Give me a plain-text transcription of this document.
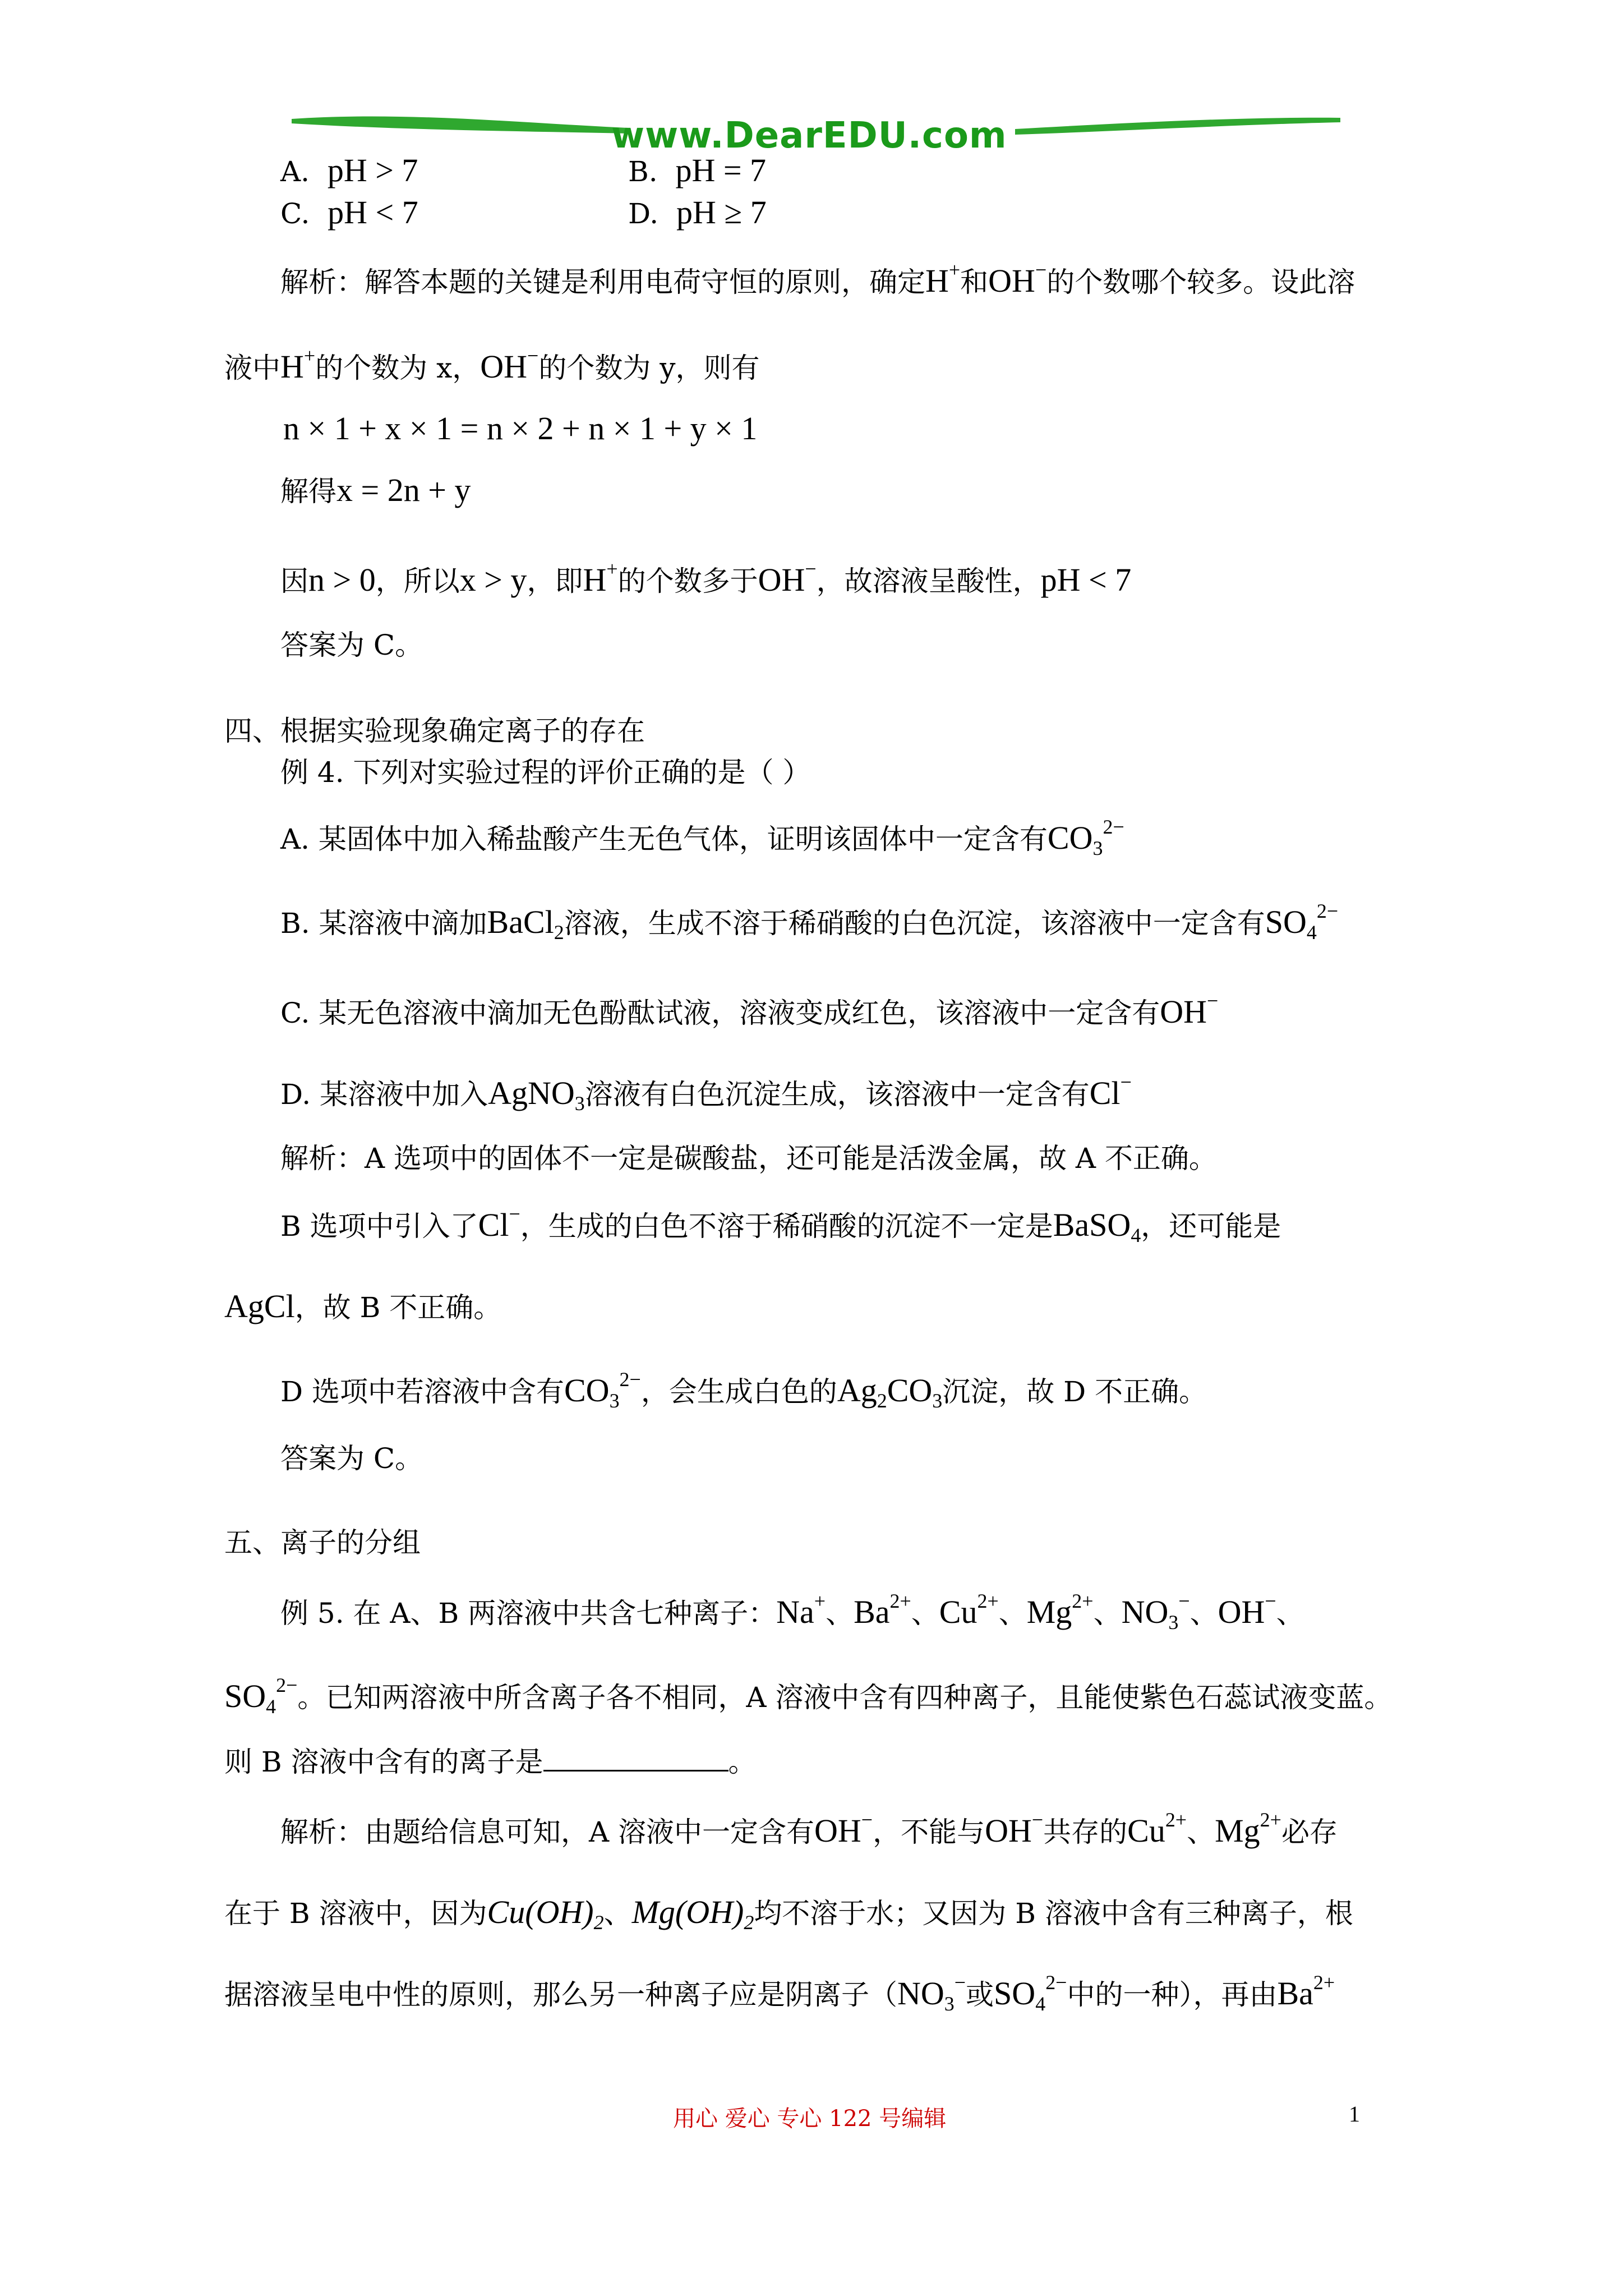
www.DearEDU.com
A. pH > 7	B. pH = 7
C. pH < 7	D. pH ≥ 7
解析：解答本题的关键是利用电荷守恒的原则，确定H+和OH−的个数哪个较多。设此溶
液中H+的个数为 x，OH−的个数为 y，则有
n × 1 + x × 1 = n × 2 + n × 1 + y × 1
解得x = 2n + y
因n > 0，所以x > y，即H+的个数多于OH−，故溶液呈酸性，pH < 7
答案为 C。
四、根据实验现象确定离子的存在
例 4. 下列对实验过程的评价正确的是（ ）
A. 某固体中加入稀盐酸产生无色气体，证明该固体中一定含有$CO_3^{2-}$
B. 某溶液中滴加BaCl$_2$溶液，生成不溶于稀硝酸的白色沉淀，该溶液中一定含有$SO_4^{2-}$
C. 某无色溶液中滴加无色酚酞试液，溶液变成红色，该溶液中一定含有OH−
D. 某溶液中加入AgNO$_3$溶液有白色沉淀生成，该溶液中一定含有Cl−
解析：A 选项中的固体不一定是碳酸盐，还可能是活泼金属，故 A 不正确。
B 选项中引入了Cl−，生成的白色不溶于稀硝酸的沉淀不一定是BaSO$_4$，还可能是
AgCl，故 B 不正确。
D 选项中若溶液中含有$CO_3^{2-}$，会生成白色的$Ag_2CO_3$沉淀，故 D 不正确。
答案为 C。
五、离子的分组
例 5. 在 A、B 两溶液中共含七种离子：Na+、$Ba^{2+}$、$Cu^{2+}$、$Mg^{2+}$、$NO_3^-$、OH−、
$SO_4^{2-}$。已知两溶液中所含离子各不相同，A 溶液中含有四种离子，且能使紫色石蕊试液变蓝。
则 B 溶液中含有的离子是	。
解析：由题给信息可知，A 溶液中一定含有OH−，不能与OH−共存的$Cu^{2+}$、$Mg^{2+}$必存
在于 B 溶液中，因为$Cu(OH)_2$、$Mg(OH)_2$均不溶于水；又因为 B 溶液中含有三种离子，根
据溶液呈电中性的原则，那么另一种离子应是阴离子（$NO_3^-$或$SO_4^{2-}$中的一种），再由$Ba^{2+}$
用心 爱心 专心 122 号编辑	1
